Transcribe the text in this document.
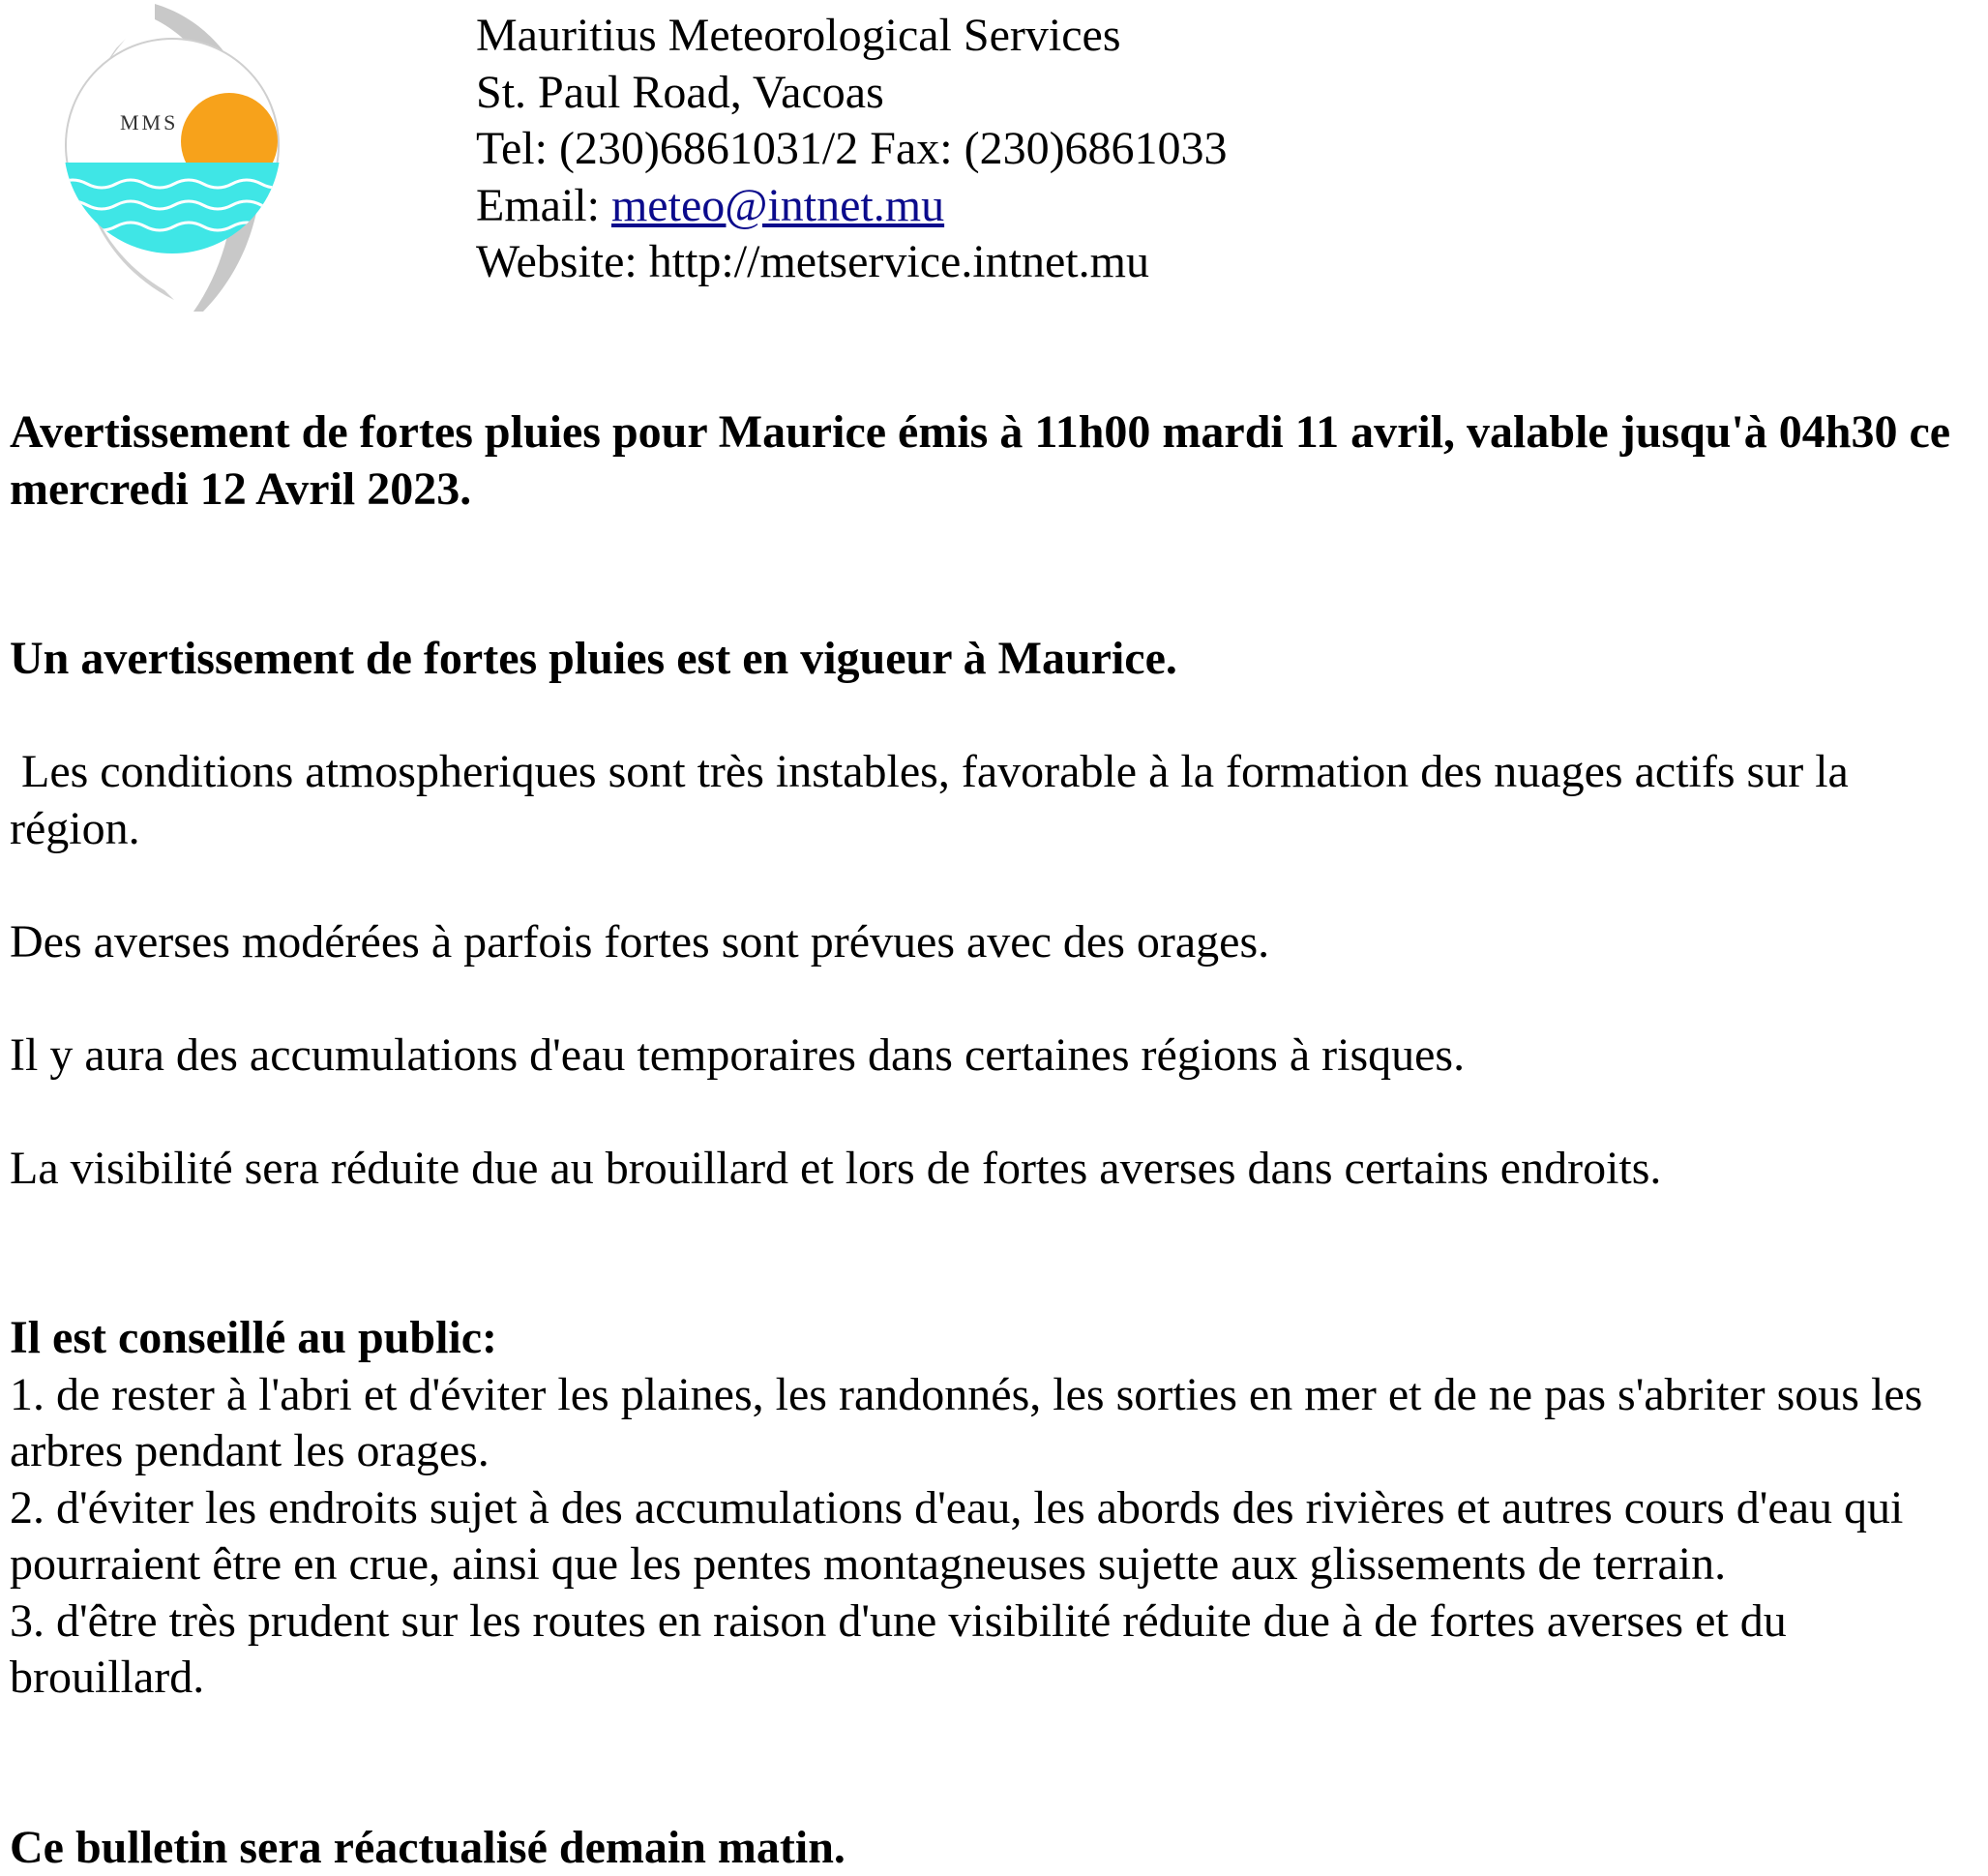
MMS
Mauritius Meteorological Services
St. Paul Road, Vacoas
Tel: (230)6861031/2 Fax: (230)6861033
Email: meteo@intnet.mu
Website: http://metservice.intnet.mu

Avertissement de fortes pluies pour Maurice émis à 11h00 mardi 11 avril, valable jusqu'à 04h30 ce mercredi 12 Avril 2023.

Un avertissement de fortes pluies est en vigueur à Maurice.

Les conditions atmospheriques sont très instables, favorable à la formation des nuages actifs sur la région.

Des averses modérées à parfois fortes sont prévues avec des orages.

Il y aura des accumulations d'eau temporaires dans certaines régions à risques.

La visibilité sera réduite due au brouillard et lors de fortes averses dans certains endroits.

Il est conseillé au public:

1. de rester à l'abri et d'éviter les plaines, les randonnés, les sorties en mer et de ne pas s'abriter sous les arbres pendant les orages.
2. d'éviter les endroits sujet à des accumulations d'eau, les abords des rivières et autres cours d'eau qui pourraient être en crue, ainsi que les pentes montagneuses sujette aux glissements de terrain.
3. d'être très prudent sur les routes en raison d'une visibilité réduite due à de fortes averses et du brouillard.

Ce bulletin sera réactualisé demain matin.
